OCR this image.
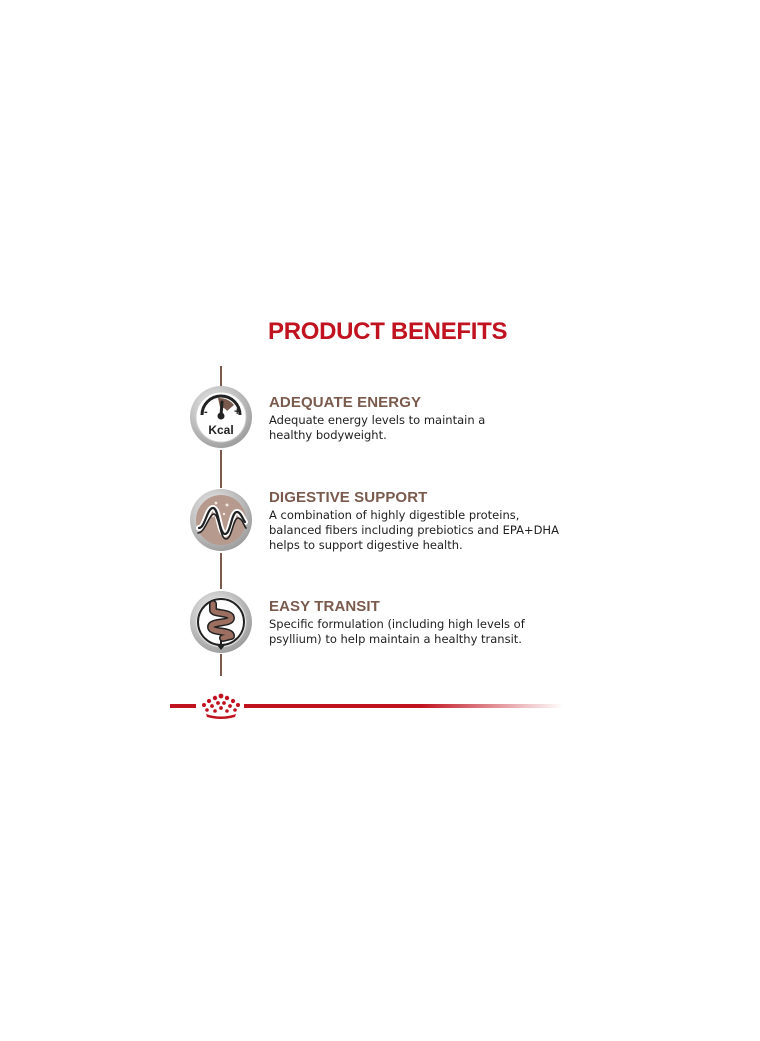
PRODUCT BENEFITS
- +
Kcal
ADEQUATE ENERGY

Adequate energy levels to maintain a healthy bodyweight.

DIGESTIVE SUPPORT

A combination of highly digestible proteins, balanced fibers including prebiotics and EPA+DHA helps to support digestive health.

EASY TRANSIT

Specific formulation (including high levels of psyllium) to help maintain a healthy transit.
